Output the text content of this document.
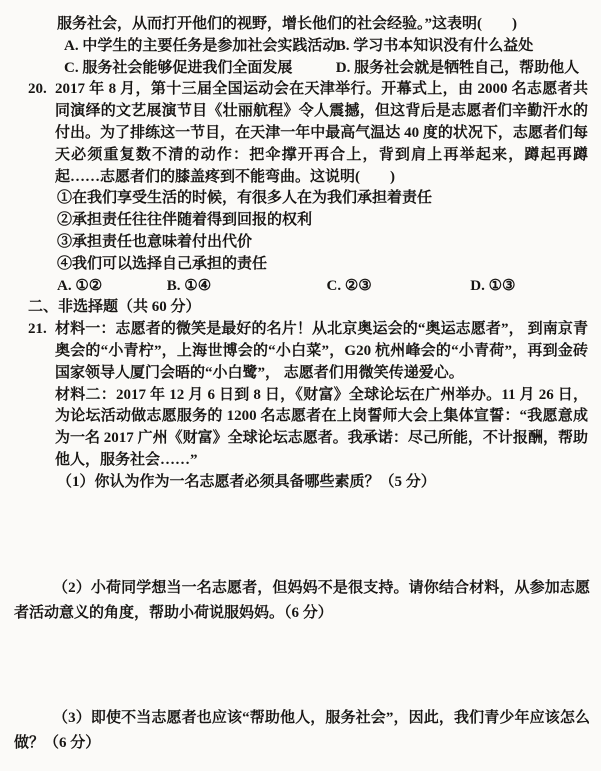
服务社会，从而打开他们的视野，增长他们的社会经验。”这表明(　　)

A. 中学生的主要任务是参加社会实践活动 B. 学习书本知识没有什么益处

C. 服务社会能够促进我们全面发展	D. 服务社会就是牺牲自己，帮助他人

20. 2017 年 8 月，第十三届全国运动会在天津举行。开幕式上，由 2000 名志愿者共同演绎的文艺展演节目《壮丽航程》令人震撼，但这背后是志愿者们辛勤汗水的付出。为了排练这一节目，在天津一年中最高气温达 40 度的状况下，志愿者们每天必须重复数不清的动作：把伞撑开再合上，背到肩上再举起来，蹲起再蹲起……志愿者们的膝盖疼到不能弯曲。这说明(　　)

①在我们享受生活的时候，有很多人在为我们承担着责任

②承担责任往往伴随着得到回报的权利

③承担责任也意味着付出代价

④我们可以选择自己承担的责任

A. ①②	B. ①④	C. ②③	D. ①③

二、非选择题（共 60 分）

21. 材料一：志愿者的微笑是最好的名片！从北京奥运会的“奥运志愿者”， 到南京青奥会的“小青柠”，上海世博会的“小白菜”，G20 杭州峰会的“小青荷”，再到金砖国家领导人厦门会晤的“小白鹭”， 志愿者们用微笑传递爱心。

材料二：2017 年 12 月 6 日到 8 日，《财富》全球论坛在广州举办。11 月 26 日，为论坛活动做志愿服务的 1200 名志愿者在上岗誓师大会上集体宣誓：“我愿意成为一名 2017 广州《财富》全球论坛志愿者。我承诺：尽己所能，不计报酬，帮助他人，服务社会……”

（1）你认为作为一名志愿者必须具备哪些素质？（5 分）

（2）小荷同学想当一名志愿者，但妈妈不是很支持。请你结合材料，从参加志愿者活动意义的角度，帮助小荷说服妈妈。（6 分）

（3）即使不当志愿者也应该“帮助他人，服务社会”，因此，我们青少年应该怎么做？（6 分）
